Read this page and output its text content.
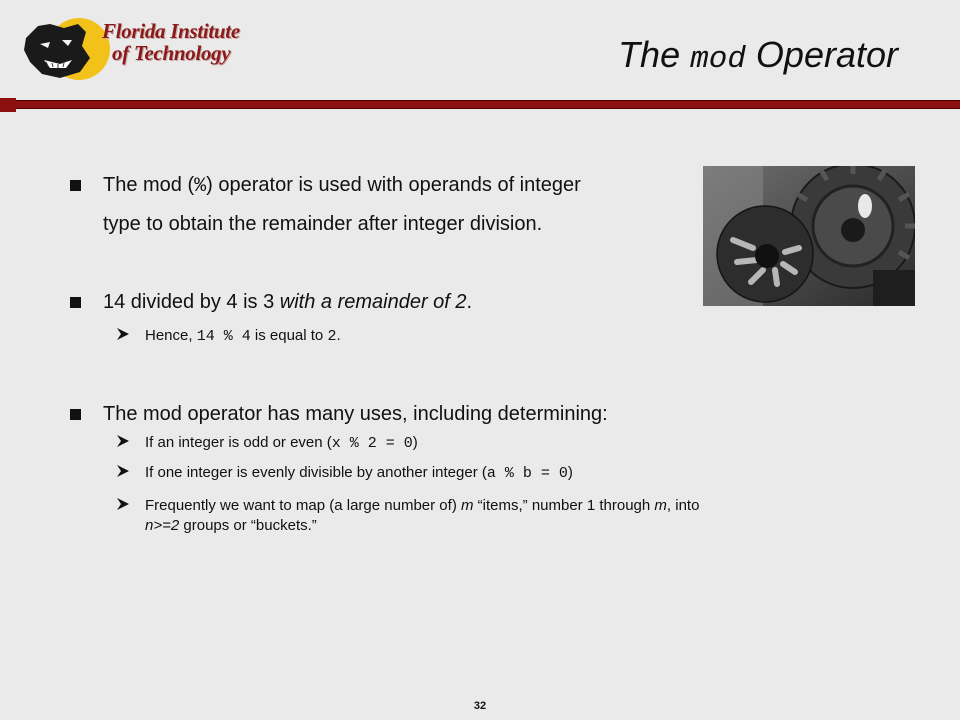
Florida Institute
of Technology	The mod Operator
The mod (%) operator is used with operands of integer
type to obtain the remainder after integer division.
14 divided by 4 is 3 with a remainder of 2.
Hence, 14 % 4 is equal to 2.
The mod operator has many uses, including determining:
If an integer is odd or even (x % 2 = 0)
If one integer is evenly divisible by another integer (a % b = 0)
Frequently we want to map (a large number of) m “items,” number 1 through m, into
n>=2 groups or “buckets.”
32
